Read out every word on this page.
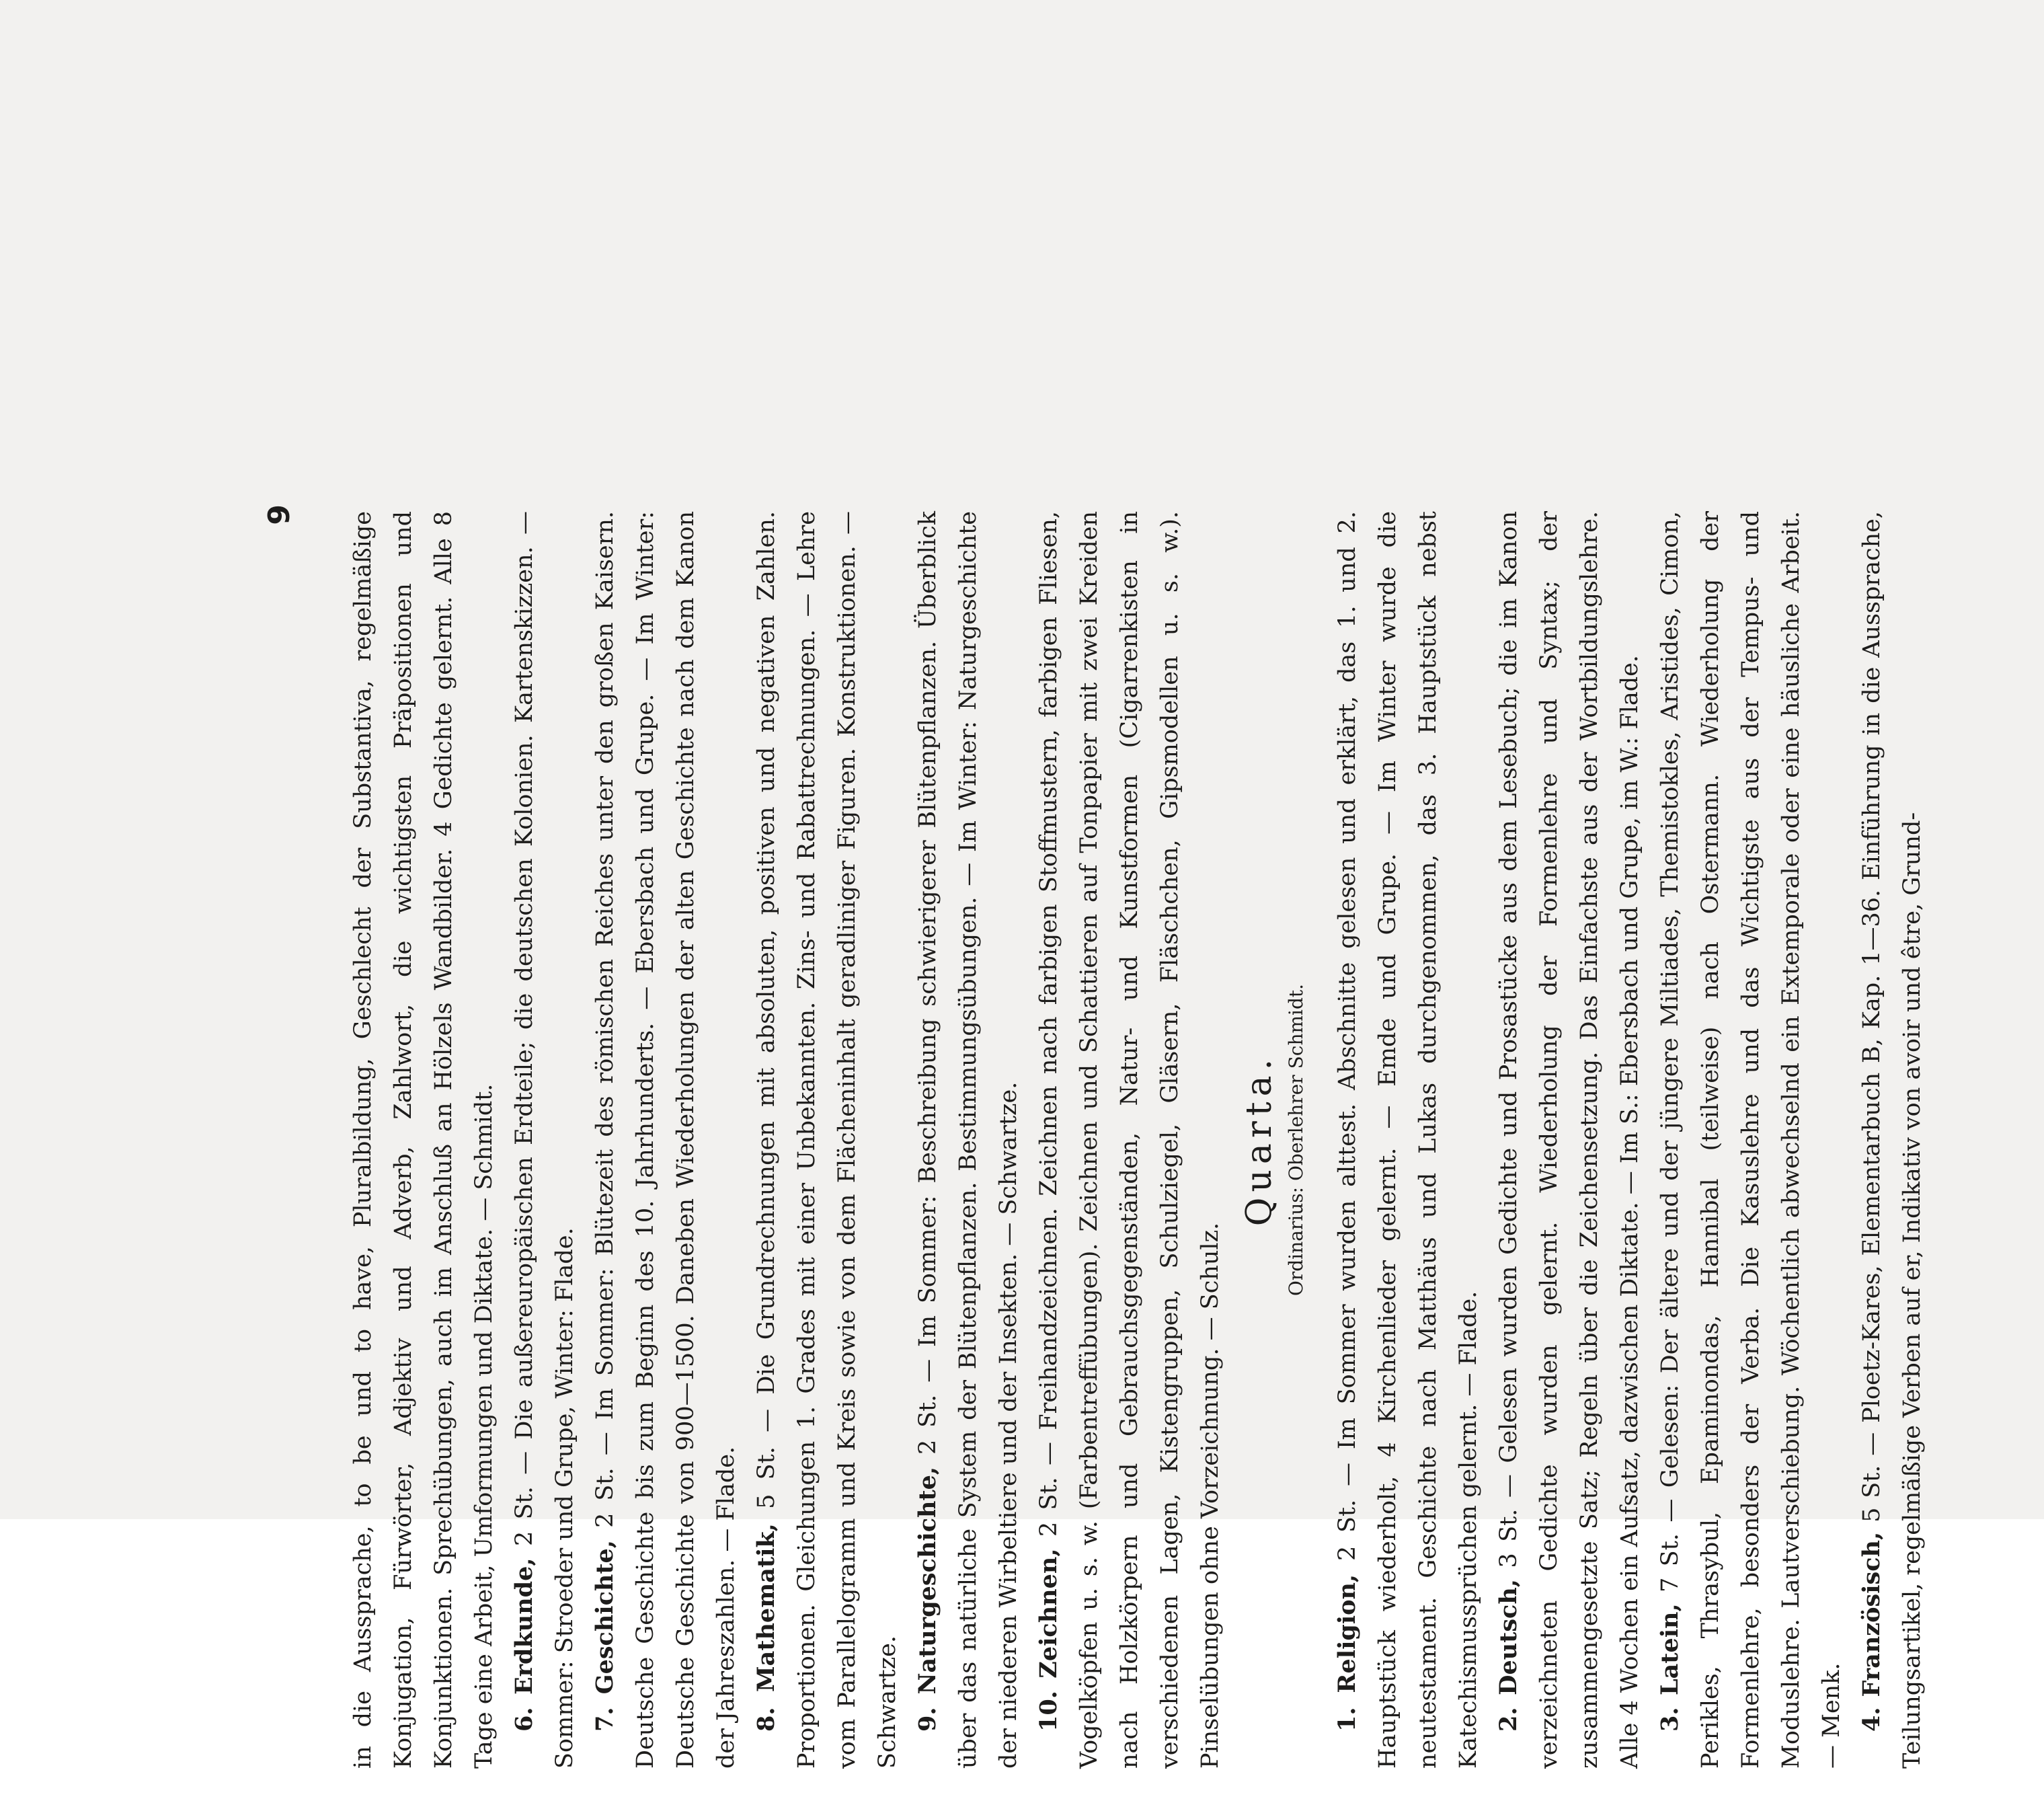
9 in die Aussprache, to be und to have, Pluralbildung, Geschlecht der Substantiva, regelmäßige Konjugation, Fürwörter, Adjektiv und Adverb, Zahlwort, die wichtigsten Präpositionen und Konjunktionen. Sprechübungen, auch im Anschluß an Hölzels Wandbilder. 4 Gedichte gelernt. Alle 8 Tage eine Arbeit, Umformungen und Diktate. — Schmidt. 6. Erdkunde, 2 St. — Die außereuropäischen Erdteile; die deutschen Kolonien. Kartenskizzen. — Sommer: Stroeder und Grupe, Winter: Flade. 7. Geschichte, 2 St. — Im Sommer: Blütezeit des römischen Reiches unter den großen Kaisern. Deutsche Geschichte bis zum Beginn des 10. Jahrhunderts. — Ebersbach und Grupe. — Im Winter: Deutsche Geschichte von 900—1500. Daneben Wiederholungen der alten Geschichte nach dem Kanon der Jahreszahlen. — Flade. 8. Mathematik, 5 St. — Die Grundrechnungen mit absoluten, positiven und negativen Zahlen. Proportionen. Gleichungen 1. Grades mit einer Unbekannten. Zins- und Rabattrechnungen. — Lehre vom Parallelogramm und Kreis sowie von dem Flächeninhalt geradliniger Figuren. Konstruktionen. — Schwartze. 9. Naturgeschichte, 2 St. — Im Sommer: Beschreibung schwierigerer Blütenpflanzen. Überblick über das natürliche System der Blütenpflanzen. Bestimmungsübungen. — Im Winter: Naturgeschichte der niederen Wirbeltiere und der Insekten. — Schwartze. 10. Zeichnen, 2 St. — Freihandzeichnen. Zeichnen nach farbigen Stoffmustern, farbigen Fliesen, Vogelköpfen u. s. w. (Farbentreffübungen). Zeichnen und Schattieren auf Tonpapier mit zwei Kreiden nach Holzkörpern und Gebrauchsgegenständen, Natur- und Kunstformen (Cigarrenkisten in verschiedenen Lagen, Kistengruppen, Schulziegel, Gläsern, Fläschchen, Gipsmodellen u. s. w.). Pinselübungen ohne Vorzeichnung. — Schulz.

Quarta. Ordinarius: Oberlehrer Schmidt.

1. Religion, 2 St. — Im Sommer wurden alttest. Abschnitte gelesen und erklärt, das 1. und 2. Hauptstück wiederholt, 4 Kirchenlieder gelernt. — Emde und Grupe. — Im Winter wurde die neutestament. Geschichte nach Matthäus und Lukas durchgenommen, das 3. Hauptstück nebst Katechismussprüchen gelernt. — Flade. 2. Deutsch, 3 St. — Gelesen wurden Gedichte und Prosastücke aus dem Lesebuch; die im Kanon verzeichneten Gedichte wurden gelernt. Wiederholung der Formenlehre und Syntax; der zusammengesetzte Satz; Regeln über die Zeichensetzung. Das Einfachste aus der Wortbildungslehre. Alle 4 Wochen ein Aufsatz, dazwischen Diktate. — Im S.: Ebersbach und Grupe, im W.: Flade. 3. Latein, 7 St. — Gelesen: Der ältere und der jüngere Miltiades, Themistokles, Aristides, Cimon, Perikles, Thrasybul, Epaminondas, Hannibal (teilweise) nach Ostermann. Wiederholung der Formenlehre, besonders der Verba. Die Kasuslehre und das Wichtigste aus der Tempus- und Moduslehre. Lautverschiebung. Wöchentlich abwechselnd ein Extemporale oder eine häusliche Arbeit. — Menk. 4. Französisch, 5 St. — Ploetz-Kares, Elementarbuch B, Kap. 1—36. Einführung in die Aussprache, Teilungsartikel, regelmäßige Verben auf er, Indikativ von avoir und être, Grund-
